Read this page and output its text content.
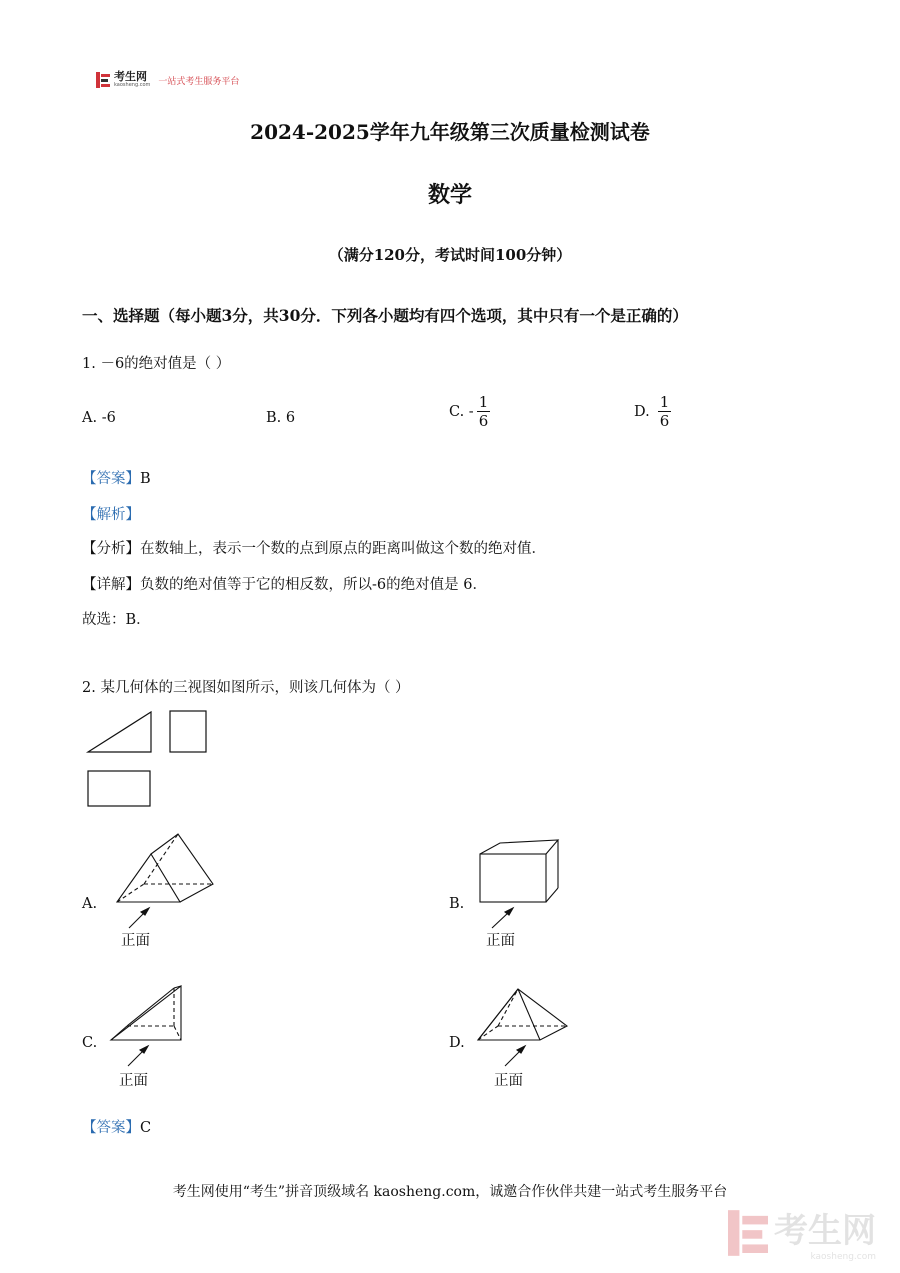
考生网
kaosheng.com 一站式考生服务平台
2024-2025学年九年级第三次质量检测试卷
数学
（满分120分，考试时间100分钟）
一、选择题（每小题3分，共30分．下列各小题均有四个选项，其中只有一个是正确的）
1. －6的绝对值是（ ）
A. -6	B. 6	C. - $\frac{1}{6}$	D. $\frac{1}{6}$
【答案】B
【解析】
【分析】在数轴上，表示一个数的点到原点的距离叫做这个数的绝对值．
【详解】负数的绝对值等于它的相反数，所以-6的绝对值是 6．
故选：B．
2. 某几何体的三视图如图所示，则该几何体为（ ）
A.
正面
B.
正面
C.
正面
D.
正面
【答案】C
考生网使用“考生”拼音顶级域名 kaosheng.com，诚邀合作伙伴共建一站式考生服务平台
考生网
kaosheng.com
